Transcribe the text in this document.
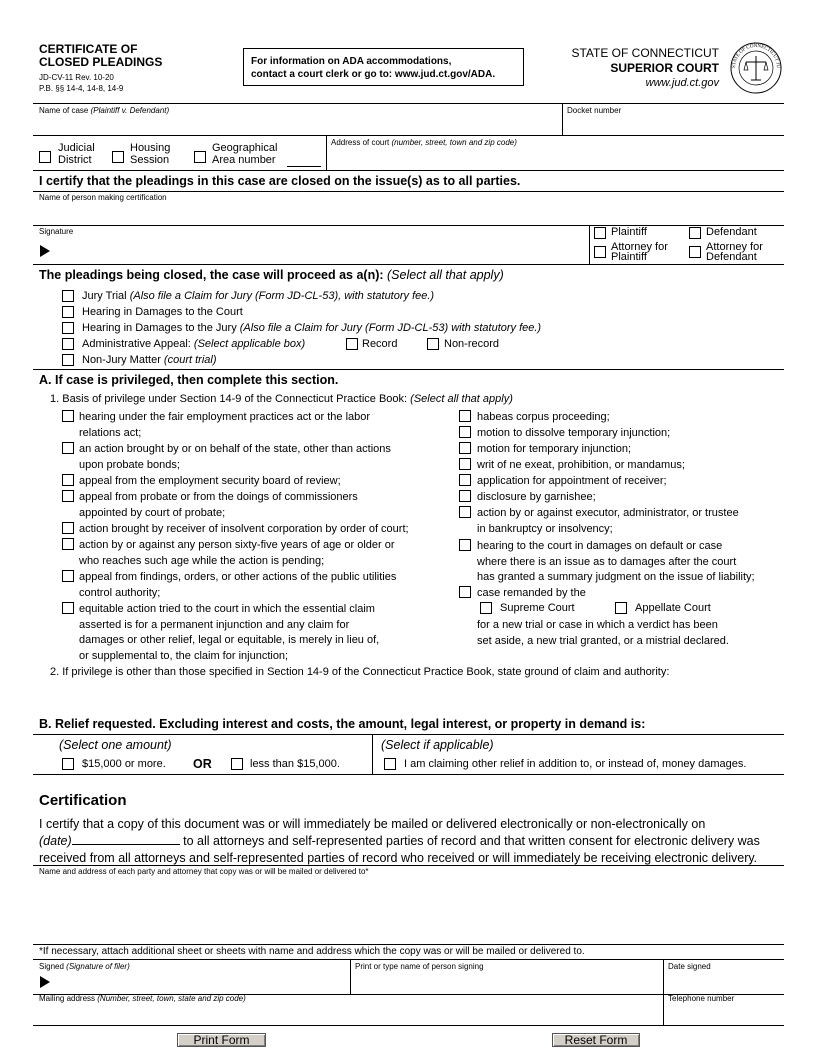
CERTIFICATE OF
CLOSED PLEADINGS
JD-CV-11 Rev. 10-20
P.B. §§ 14-4, 14-8, 14-9
For information on ADA accommodations,
contact a court clerk or go to: www.jud.ct.gov/ADA.
STATE OF CONNECTICUT
SUPERIOR COURT
www.jud.ct.gov
STATE OF CONNECTICUT JU
Name of case (Plaintiff v. Defendant)	Docket number
Judicial
District
Housing
Session
Geographical
Area number
Address of court (number, street, town and zip code)
I certify that the pleadings in this case are closed on the issue(s) as to all parties.
Name of person making certification
Signature	Plaintiff	Defendant
Attorney for
Plaintiff
Attorney for
Defendant
The pleadings being closed, the case will proceed as a(n): (Select all that apply)
Jury Trial (Also file a Claim for Jury (Form JD-CL-53), with statutory fee.)
Hearing in Damages to the Court
Hearing in Damages to the Jury (Also file a Claim for Jury (Form JD-CL-53) with statutory fee.)
Administrative Appeal: (Select applicable box)	Record	Non-record
Non-Jury Matter (court trial)
A. If case is privileged, then complete this section.
1. Basis of privilege under Section 14-9 of the Connecticut Practice Book: (Select all that apply)
hearing under the fair employment practices act or the labor
relations act;
an action brought by or on behalf of the state, other than actions
upon probate bonds;
appeal from the employment security board of review;
appeal from probate or from the doings of commissioners
appointed by court of probate;
action brought by receiver of insolvent corporation by order of court;
action by or against any person sixty-five years of age or older or
who reaches such age while the action is pending;
appeal from findings, orders, or other actions of the public utilities
control authority;
equitable action tried to the court in which the essential claim
asserted is for a permanent injunction and any claim for
damages or other relief, legal or equitable, is merely in lieu of,
or supplemental to, the claim for injunction;
habeas corpus proceeding;
motion to dissolve temporary injunction;
motion for temporary injunction;
writ of ne exeat, prohibition, or mandamus;
application for appointment of receiver;
disclosure by garnishee;
action by or against executor, administrator, or trustee
in bankruptcy or insolvency;
hearing to the court in damages on default or case
where there is an issue as to damages after the court
has granted a summary judgment on the issue of liability;
case remanded by the
Supreme Court	Appellate Court
for a new trial or case in which a verdict has been
set aside, a new trial granted, or a mistrial declared.
2. If privilege is other than those specified in Section 14-9 of the Connecticut Practice Book, state ground of claim and authority:
B. Relief requested. Excluding interest and costs, the amount, legal interest, or property in demand is:
(Select one amount)	(Select if applicable)
$15,000 or more. OR	less than $15,000.	I am claiming other relief in addition to, or instead of, money damages.
Certification
I certify that a copy of this document was or will immediately be mailed or delivered electronically or non-electronically on
(date)	to all attorneys and self-represented parties of record and that written consent for electronic delivery was
received from all attorneys and self-represented parties of record who received or will immediately be receiving electronic delivery.
Name and address of each party and attorney that copy was or will be mailed or delivered to*
*If necessary, attach additional sheet or sheets with name and address which the copy was or will be mailed or delivered to.
Signed (Signature of filer)	Print or type name of person signing	Date signed
Mailing address (Number, street, town, state and zip code)	Telephone number
Print Form	Reset Form
